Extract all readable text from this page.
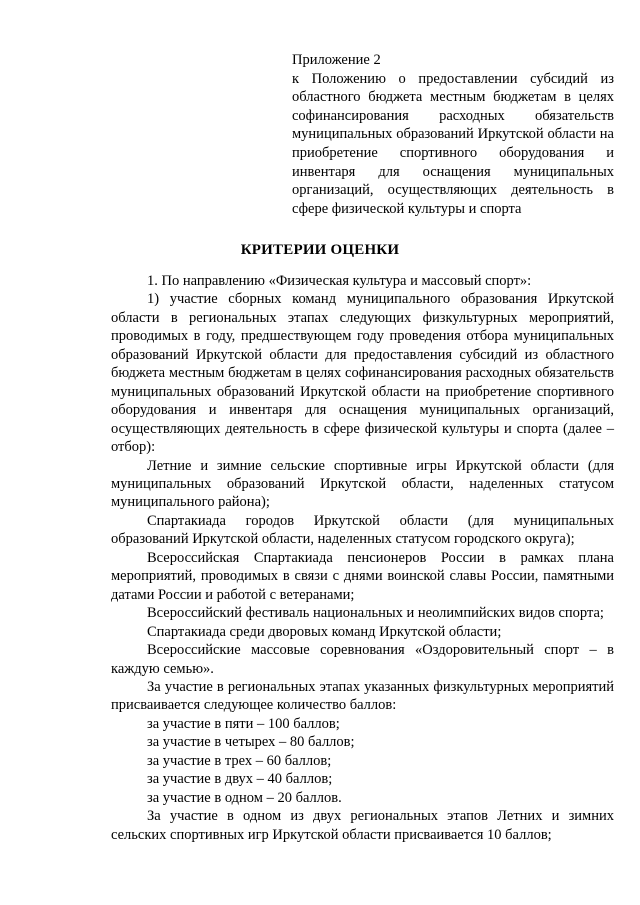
Приложение 2
к Положению о предоставлении субсидий из областного бюджета местным бюджетам в целях софинансирования расходных обязательств муниципальных образований Иркутской области на приобретение спортивного оборудования и инвентаря для оснащения муниципальных организаций, осуществляющих деятельность в сфере физической культуры и спорта
КРИТЕРИИ ОЦЕНКИ

1. По направлению «Физическая культура и массовый спорт»:

1) участие сборных команд муниципального образования Иркутской области в региональных этапах следующих физкультурных мероприятий, проводимых в году, предшествующем году проведения отбора муниципальных образований Иркутской области для предоставления субсидий из областного бюджета местным бюджетам в целях софинансирования расходных обязательств муниципальных образований Иркутской области на приобретение спортивного оборудования и инвентаря для оснащения муниципальных организаций, осуществляющих деятельность в сфере физической культуры и спорта (далее – отбор):

Летние и зимние сельские спортивные игры Иркутской области (для муниципальных образований Иркутской области, наделенных статусом муниципального района);

Спартакиада городов Иркутской области (для муниципальных образований Иркутской области, наделенных статусом городского округа);

Всероссийская Спартакиада пенсионеров России в рамках плана мероприятий, проводимых в связи с днями воинской славы России, памятными датами России и работой с ветеранами;

Всероссийский фестиваль национальных и неолимпийских видов спорта;

Спартакиада среди дворовых команд Иркутской области;

Всероссийские массовые соревнования «Оздоровительный спорт – в каждую семью».

За участие в региональных этапах указанных физкультурных мероприятий присваивается следующее количество баллов:

за участие в пяти – 100 баллов;

за участие в четырех – 80 баллов;

за участие в трех – 60 баллов;

за участие в двух – 40 баллов;

за участие в одном – 20 баллов.

За участие в одном из двух региональных этапов Летних и зимних сельских спортивных игр Иркутской области присваивается 10 баллов;
